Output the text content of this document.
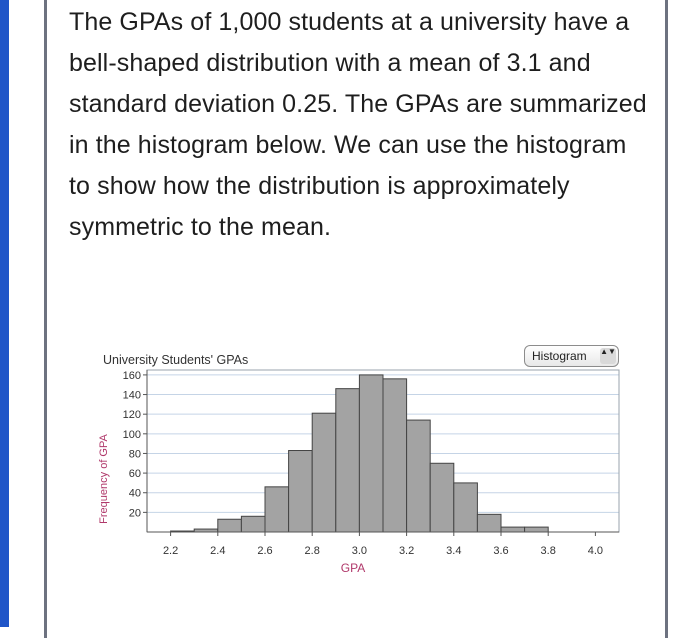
The GPAs of 1,000 students at a university have a bell-shaped distribution with a mean of 3.1 and standard deviation 0.25. The GPAs are summarized in the histogram below. We can use the histogram to show how the distribution is approximately symmetric to the mean.

20
40
60
80
100
120
140
160
2.2	2.4	2.6	2.8	3.0	3.2	3.4	3.6	3.8	4.0
GPA
Frequency of GPA
University Students' GPAs	Histogram ▲▼
